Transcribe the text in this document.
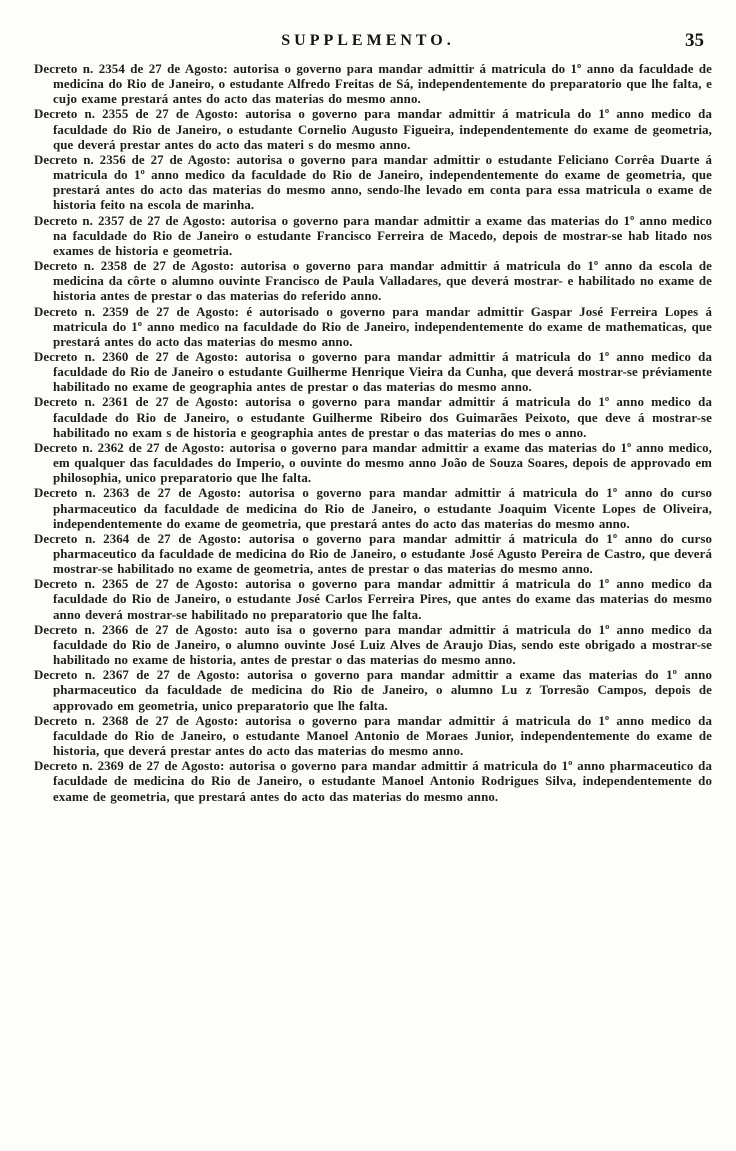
SUPPLEMENTO.	35

Decreto n. 2354 de 27 de Agosto: autorisa o governo para mandar admittir á matricula do 1º anno da faculdade de medicina do Rio de Janeiro, o estudante Alfredo Freitas de Sá, independentemente do preparatorio que lhe falta, e cujo exame prestará antes do acto das materias do mesmo anno.

Decreto n. 2355 de 27 de Agosto: autorisa o governo para mandar admittir á matricula do 1º anno medico da faculdade do Rio de Janeiro, o estudante Cornelio Augusto Figueira, independentemente do exame de geometria, que deverá prestar antes do acto das materi s do mesmo anno.

Decreto n. 2356 de 27 de Agosto: autorisa o governo para mandar admittir o estudante Feliciano Corrêa Duarte á matricula do 1º anno medico da faculdade do Rio de Janeiro, independentemente do exame de geometria, que prestará antes do acto das materias do mesmo anno, sendo-lhe levado em conta para essa matricula o exame de historia feito na escola de marinha.

Decreto n. 2357 de 27 de Agosto: autorisa o governo para mandar admittir a exame das materias do 1º anno medico na faculdade do Rio de Janeiro o estudante Francisco Ferreira de Macedo, depois de mostrar-se hab litado nos exames de historia e geometria.

Decreto n. 2358 de 27 de Agosto: autorisa o governo para mandar admittir á matricula do 1º anno da escola de medicina da côrte o alumno ouvinte Francisco de Paula Valladares, que deverá mostrar- e habilitado no exame de historia antes de prestar o das materias do referido anno.

Decreto n. 2359 de 27 de Agosto: é autorisado o governo para mandar admittir Gaspar José Ferreira Lopes á matricula do 1º anno medico na faculdade do Rio de Janeiro, independentemente do exame de mathematicas, que prestará antes do acto das materias do mesmo anno.

Decreto n. 2360 de 27 de Agosto: autorisa o governo para mandar admittir á matricula do 1º anno medico da faculdade do Rio de Janeiro o estudante Guilherme Henrique Vieira da Cunha, que deverá mostrar-se préviamente habilitado no exame de geographia antes de prestar o das materias do mesmo anno.

Decreto n. 2361 de 27 de Agosto: autorisa o governo para mandar admittir á matricula do 1º anno medico da faculdade do Rio de Janeiro, o estudante Guilherme Ribeiro dos Guimarães Peixoto, que deve á mostrar-se habilitado no exam s de historia e geographia antes de prestar o das materias do mes o anno.

Decreto n. 2362 de 27 de Agosto: autorisa o governo para mandar admittir a exame das materias do 1º anno medico, em qualquer das faculdades do Imperio, o ouvinte do mesmo anno João de Souza Soares, depois de approvado em philosophia, unico preparatorio que lhe falta.

Decreto n. 2363 de 27 de Agosto: autorisa o governo para mandar admittir á matricula do 1º anno do curso pharmaceutico da faculdade de medicina do Rio de Janeiro, o estudante Joaquim Vicente Lopes de Oliveira, independentemente do exame de geometria, que prestará antes do acto das materias do mesmo anno.

Decreto n. 2364 de 27 de Agosto: autorisa o governo para mandar admittir á matricula do 1º anno do curso pharmaceutico da faculdade de medicina do Rio de Janeiro, o estudante José Agusto Pereira de Castro, que deverá mostrar-se habilitado no exame de geometria, antes de prestar o das materias do mesmo anno.

Decreto n. 2365 de 27 de Agosto: autorisa o governo para mandar admittir á matricula do 1º anno medico da faculdade do Rio de Janeiro, o estudante José Carlos Ferreira Pires, que antes do exame das materias do mesmo anno deverá mostrar-se habilitado no preparatorio que lhe falta.

Decreto n. 2366 de 27 de Agosto: auto isa o governo para mandar admittir á matricula do 1º anno medico da faculdade do Rio de Janeiro, o alumno ouvinte José Luiz Alves de Araujo Dias, sendo este obrigado a mostrar-se habilitado no exame de historia, antes de prestar o das materias do mesmo anno.

Decreto n. 2367 de 27 de Agosto: autorisa o governo para mandar admittir a exame das materias do 1º anno pharmaceutico da faculdade de medicina do Rio de Janeiro, o alumno Lu z Torresão Campos, depois de approvado em geometria, unico preparatorio que lhe falta.

Decreto n. 2368 de 27 de Agosto: autorisa o governo para mandar admittir á matricula do 1º anno medico da faculdade do Rio de Janeiro, o estudante Manoel Antonio de Moraes Junior, independentemente do exame de historia, que deverá prestar antes do acto das materias do mesmo anno.

Decreto n. 2369 de 27 de Agosto: autorisa o governo para mandar admittir á matricula do 1º anno pharmaceutico da faculdade de medicina do Rio de Janeiro, o estudante Manoel Antonio Rodrigues Silva, independentemente do exame de geometria, que prestará antes do acto das materias do mesmo anno.
